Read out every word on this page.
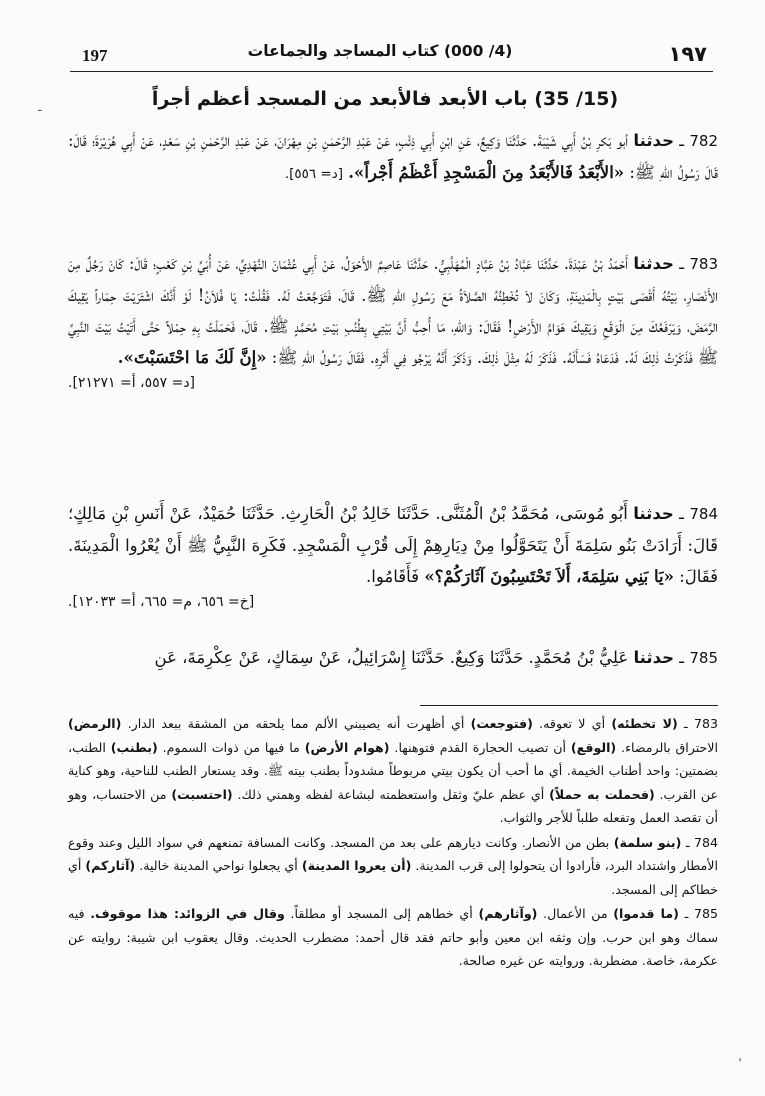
197	(4/ 000) كتاب المساجد والجماعات	١٩٧
ـ	(15/ 35) باب الأبعد فالأبعد من المسجد أعظم أجراً

782 ـ حدثنا أبو بَكرِ بْنُ أَبِي شَيْبَةَ. حَدَّثَنَا وَكِيعٌ، عَنِ ابْنِ أَبِي ذِئْبٍ، عَنْ عَبْدِ الرَّحْمٰنِ بْنِ مِهْرَانَ، عَنْ عَبْدِ الرَّحْمٰنِ بْنِ سَعْدٍ، عَنْ أَبِي هُرَيْرَةَ؛ قَالَ: قَالَ رَسُولُ اللّٰهِ ﷺ: «الأَبْعَدُ فَالأَبْعَدُ مِنَ الْمَسْجِدِ أَعْظَمُ أَجْراً». [د= ٥٥٦].

783 ـ حدثنا أَحْمَدُ بْنُ عَبْدَةَ. حَدَّثَنَا عَبَّادُ بْنُ عَبَّادٍ الْمُهَلَّبِيُّ. حَدَّثَنَا عَاصِمٌ الأَحْوَلُ، عَنْ أَبِي عُثْمَانَ النَّهْدِيِّ، عَنْ أُبَيِّ بْنِ كَعْبٍ؛ قَالَ: كَانَ رَجُلٌ مِنَ الأَنْصَارِ، بَيْتُهُ أَقْصَى بَيْتٍ بِالْمَدِينَةِ، وَكَانَ لاَ تُخْطِئُهُ الصَّلاَةُ مَعَ رَسُولِ اللّٰهِ ﷺ. قَالَ، فَتَوَجَّعْتُ لَهُ. فَقُلْتُ: يَا فُلاَنُ! لَوْ أَنَّكَ اشْتَرَيْتَ حِمَاراً يَقِيكَ الرَّمَضَ، وَيَرْفَعُكَ مِنَ الْوَقَعِ وَيَقِيكَ هَوَامَّ الأَرْضِ! فَقَالَ: وَاللّٰهِ، مَا أُحِبُّ أَنَّ بَيْتِي بِطُنُبِ بَيْتِ مُحَمَّدٍ ﷺ. قَالَ، فَحَمَلْتُ بِهِ حِمْلاً حَتَّى أَتَيْتُ بَيْتَ النَّبِيِّ ﷺ فَذَكَرْتُ ذٰلِكَ لَهُ. فَدَعَاهُ فَسَأَلَهُ. فَذَكَرَ لَهُ مِثْلَ ذٰلِكَ. وَذَكَرَ أَنَّهُ يَرْجُو فِي أَثَرِهِ. فَقَالَ رَسُولُ اللّٰهِ ﷺ: «إِنَّ لَكَ مَا احْتَسَبْتَ».

[د= ٥٥٧، أ= ٢١٢٧١].

784 ـ حدثنا أَبُو مُوسَى، مُحَمَّدُ بْنُ الْمُثَنَّى. حَدَّثَنَا خَالِدُ بْنُ الْحَارِثِ. حَدَّثَنَا حُمَيْدٌ، عَنْ أَنَسِ بْنِ مَالِكٍ؛ قَالَ: أَرَادَتْ بَنُو سَلِمَةَ أَنْ يَتَحَوَّلُوا مِنْ دِيَارِهِمْ إِلَى قُرْبِ الْمَسْجِدِ. فَكَرِهَ النَّبِيُّ ﷺ أَنْ يُعْرُوا الْمَدِينَةَ. فَقَالَ: «يَا بَنِي سَلِمَةَ، أَلاَ تَحْتَسِبُونَ آثَارَكُمْ؟» فَأَقَامُوا.

[خ= ٦٥٦، م= ٦٦٥، أ= ١٢٠٣٣].

785 ـ حدثنا عَلِيُّ بْنُ مُحَمَّدٍ. حَدَّثَنَا وَكِيعٌ. حَدَّثَنَا إِسْرَائِيلُ، عَنْ سِمَاكٍ، عَنْ عِكْرِمَةَ، عَنِ

783 ـ (لا تخطئه) أي لا تعوقه. (فتوجعت) أي أظهرت أنه يصيبني الألم مما يلحقه من المشقة ببعد الدار. (الرمض) الاحتراق بالرمضاء. (الوقع) أن تصيب الحجارة القدم فتوهنها. (هوام الأرض) ما فيها من ذوات السموم. (بطنب) الطنب، بضمتين: واحد أطناب الخيمة. أي ما أحب أن يكون بيتي مربوطاً مشدوداً بطنب بيته ﷺ. وقد يستعار الطنب للناحية، وهو كناية عن القرب. (فحملت به حملاً) أي عظم عليّ وثقل واستعظمته لبشاعة لفظه وهمني ذلك. (احتسبت) من الاحتساب، وهو أن تقصد العمل وتفعله طلباً للأجر والثواب.

784 ـ (بنو سلمة) بطن من الأنصار. وكانت ديارهم على بعد من المسجد. وكانت المسافة تمنعهم في سواد الليل وعند وقوع الأمطار واشتداد البرد، فأرادوا أن يتحولوا إلى قرب المدينة. (أن يعروا المدينة) أي يجعلوا نواحي المدينة خالية. (آثاركم) أي خطاكم إلى المسجد.

785 ـ (ما قدموا) من الأعمال. (وآثارهم) أي خطاهم إلى المسجد أو مطلقاً. وقال في الزوائد: هذا موقوف. فيه سماك وهو ابن حرب. وإن وثقه ابن معين وأبو حاتم فقد قال أحمد: مضطرب الحديث. وقال يعقوب ابن شيبة: روايته عن عكرمة، خاصة. مضطربة. وروايته عن غيره صالحة.

،
